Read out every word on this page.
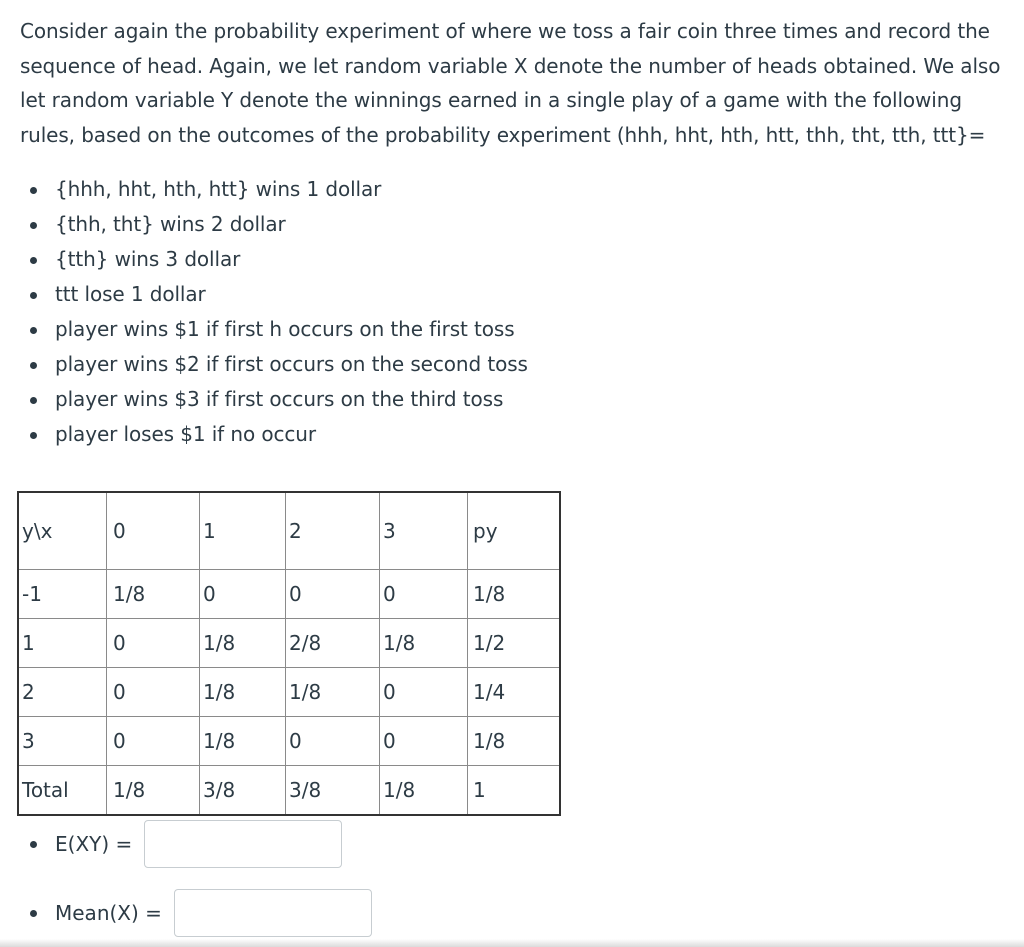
Consider again the probability experiment of where we toss a fair coin three times and record the sequence of head. Again, we let random variable X denote the number of heads obtained. We also let random variable Y denote the winnings earned in a single play of a game with the following rules, based on the outcomes of the probability experiment (hhh, hht, hth, htt, thh, tht, tth, ttt}=

{hhh, hht, hth, htt} wins 1 dollar
{thh, tht} wins 2 dollar
{tth} wins 3 dollar
ttt lose 1 dollar
player wins $1 if first h occurs on the first toss
player wins $2 if first occurs on the second toss
player wins $3 if first occurs on the third toss
player loses $1 if no occur
y\x	0	1	2	3	py
-1	1/8	0	0	0	1/8
1	0	1/8	2/8	1/8	1/2
2	0	1/8	1/8	0	1/4
3	0	1/8	0	0	1/8
Total	1/8	3/8	3/8	1/8	1
E(XY) =
Mean(X) =
